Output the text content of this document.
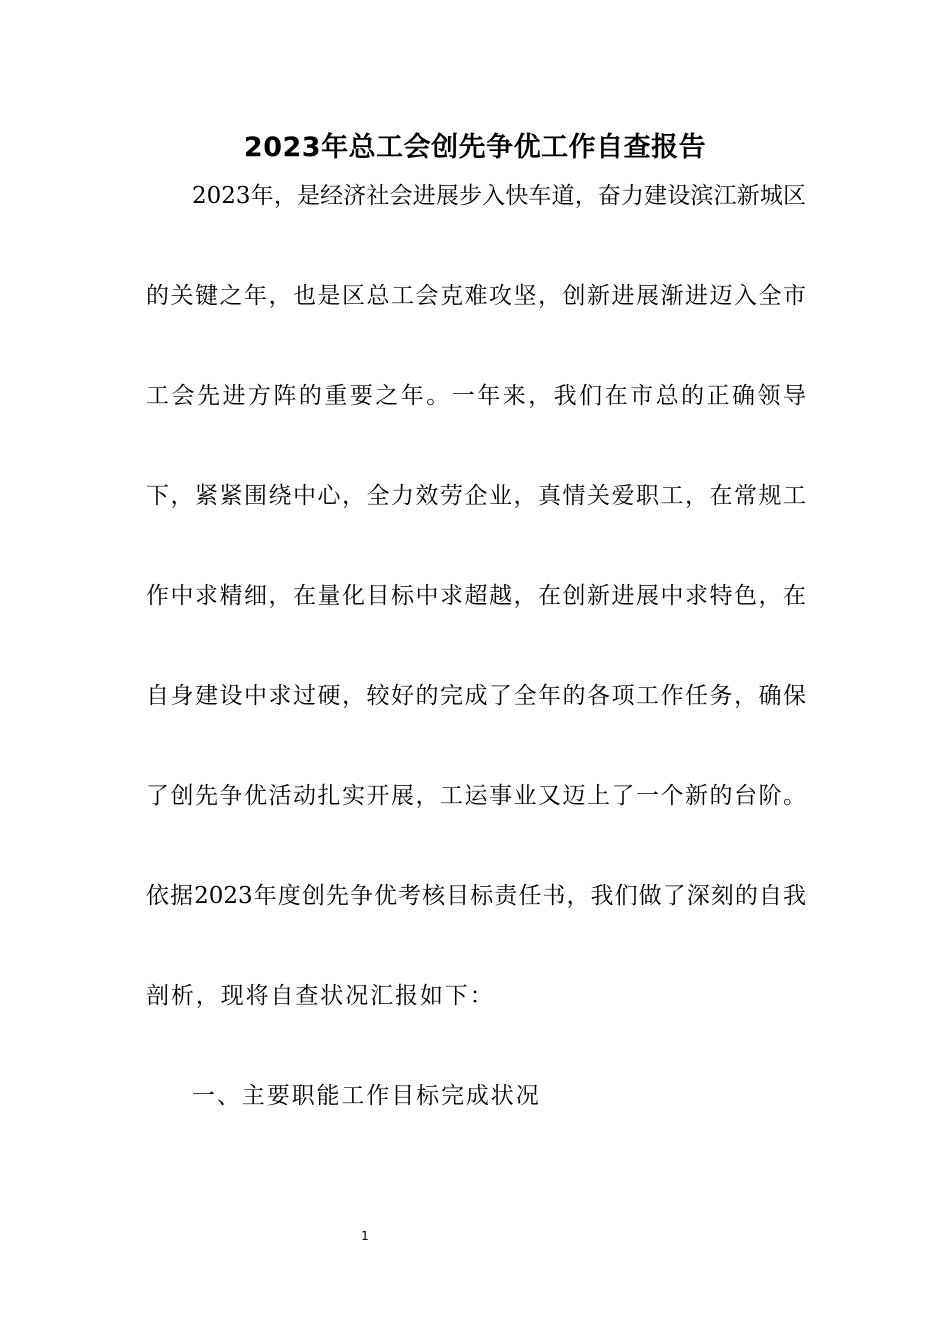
2023年总工会创先争优工作自查报告
2023年，是经济社会进展步入快车道，奋力建设滨江新城区
的关键之年，也是区总工会克难攻坚，创新进展渐进迈入全市
工会先进方阵的重要之年。一年来，我们在市总的正确领导
下，紧紧围绕中心，全力效劳企业，真情关爱职工，在常规工
作中求精细，在量化目标中求超越，在创新进展中求特色，在
自身建设中求过硬，较好的完成了全年的各项工作任务，确保
了创先争优活动扎实开展，工运事业又迈上了一个新的台阶。
依据2023年度创先争优考核目标责任书，我们做了深刻的自我
剖析，现将自查状况汇报如下：
一、主要职能工作目标完成状况
1
